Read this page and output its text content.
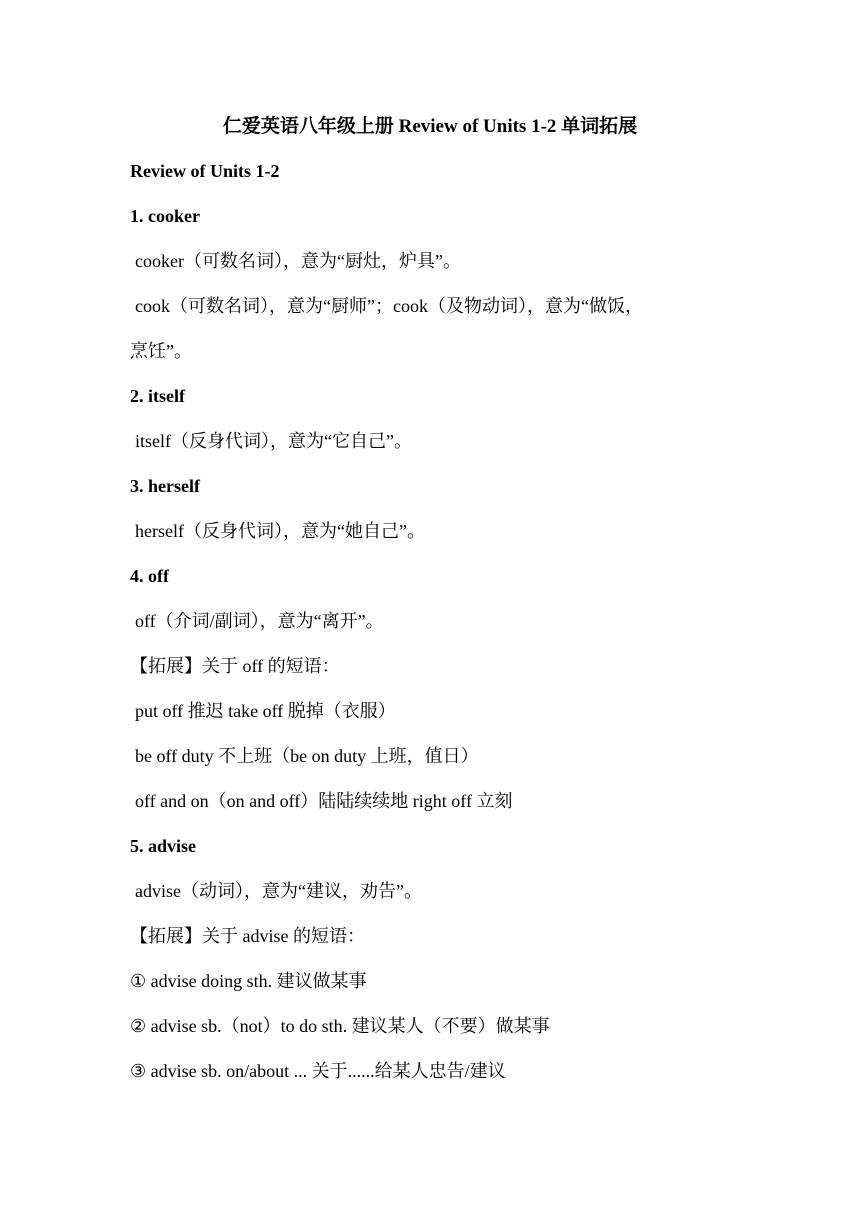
仁爱英语八年级上册 Review of Units 1-2 单词拓展
Review of Units 1-2
1. cooker
cooker（可数名词），意为“厨灶，炉具”。
cook（可数名词），意为“厨师”；cook（及物动词），意为“做饭，
烹饪”。
2. itself
itself（反身代词），意为“它自己”。
3. herself
herself（反身代词），意为“她自己”。
4. off
off（介词/副词），意为“离开”。
【拓展】关于 off 的短语：
put off 推迟 take off 脱掉（衣服）
be off duty 不上班（be on duty 上班，值日）
off and on（on and off）陆陆续续地 right off 立刻
5. advise
advise（动词），意为“建议，劝告”。
【拓展】关于 advise 的短语：
① advise doing sth. 建议做某事
② advise sb.（not）to do sth. 建议某人（不要）做某事
③ advise sb. on/about ... 关于......给某人忠告/建议
